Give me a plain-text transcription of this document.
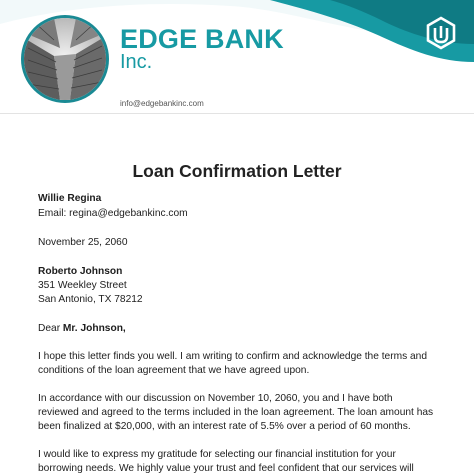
EDGE BANK
Inc.
info@edgebankinc.com
Loan Confirmation Letter
Willie Regina
Email: regina@edgebankinc.com
November 25, 2060
Roberto Johnson
351 Weekley Street
San Antonio, TX 78212
Dear Mr. Johnson,
I hope this letter finds you well. I am writing to confirm and acknowledge the terms and
conditions of the loan agreement that we have agreed upon.
In accordance with our discussion on November 10, 2060, you and I have both
reviewed and agreed to the terms included in the loan agreement. The loan amount has
been finalized at $20,000, with an interest rate of 5.5% over a period of 60 months.
I would like to express my gratitude for selecting our financial institution for your
borrowing needs. We highly value your trust and feel confident that our services will
